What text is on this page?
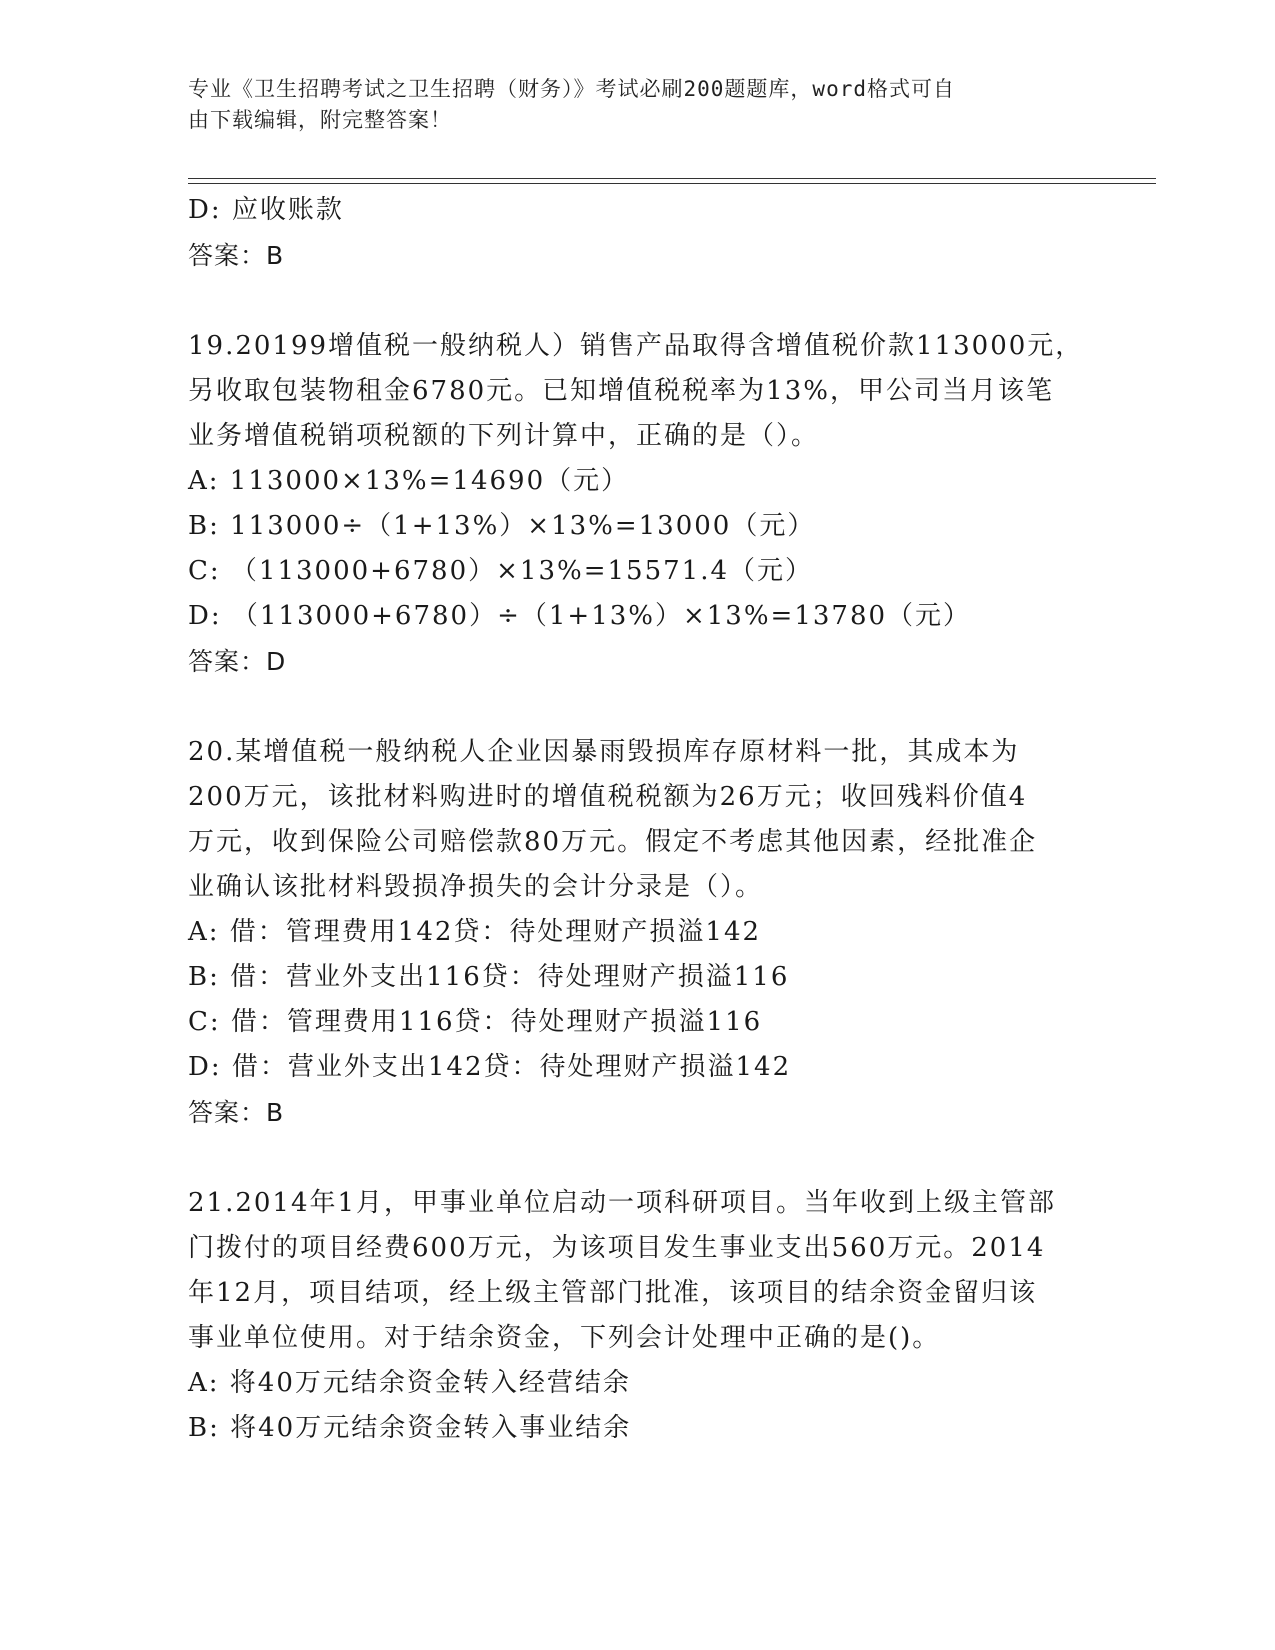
专业《卫生招聘考试之卫生招聘（财务）》考试必刷200题题库，word格式可自
由下载编辑，附完整答案！
D: 应收账款
答案：B
19.20199增值税一般纳税人）销售产品取得含增值税价款113000元，
另收取包装物租金6780元。已知增值税税率为13%，甲公司当月该笔
业务增值税销项税额的下列计算中，正确的是（）。
A: 113000×13%=14690（元）
B: 113000÷（1+13%）×13%=13000（元）
C: （113000+6780）×13%=15571.4（元）
D: （113000+6780）÷（1+13%）×13%=13780（元）
答案：D
20.某增值税一般纳税人企业因暴雨毁损库存原材料一批，其成本为
200万元，该批材料购进时的增值税税额为26万元；收回残料价值4
万元，收到保险公司赔偿款80万元。假定不考虑其他因素，经批准企
业确认该批材料毁损净损失的会计分录是（）。
A: 借：管理费用142贷：待处理财产损溢142
B: 借：营业外支出116贷：待处理财产损溢116
C: 借：管理费用116贷：待处理财产损溢116
D: 借：营业外支出142贷：待处理财产损溢142
答案：B
21.2014年1月，甲事业单位启动一项科研项目。当年收到上级主管部
门拨付的项目经费600万元，为该项目发生事业支出560万元。2014
年12月，项目结项，经上级主管部门批准，该项目的结余资金留归该
事业单位使用。对于结余资金，下列会计处理中正确的是()。
A: 将40万元结余资金转入经营结余
B: 将40万元结余资金转入事业结余
